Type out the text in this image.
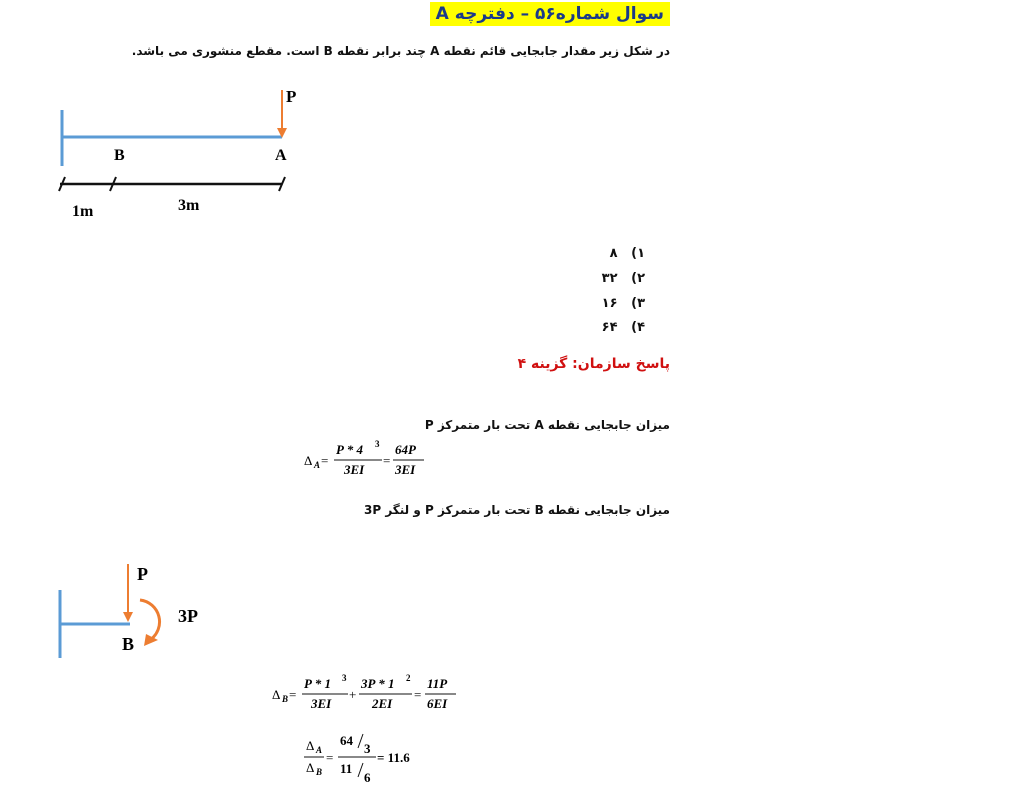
سوال شماره۵۶ – دفترچه A
در شکل زیر مقدار جابجایی قائم نقطه A چند برابر نقطه B است. مقطع منشوری می باشد.
P
B	A
1m	3m
۱)   ۸
۲)   ۳۲
۳)   ۱۶
۴)   ۶۴
پاسخ سازمان: گزینه ۴
میزان جابجایی نقطه A تحت بار متمرکز P
Δ A =
P * 4 3
3EI
=
64P
3EI
میزان جابجایی نقطه B تحت بار متمرکز P و لنگر 3P
P
3P
B
Δ B =
P * 1 3
3EI
+
3P * 1 2
2EI
=
11P
6EI
Δ A
Δ B
=
64
3
11
6
= 11.6
